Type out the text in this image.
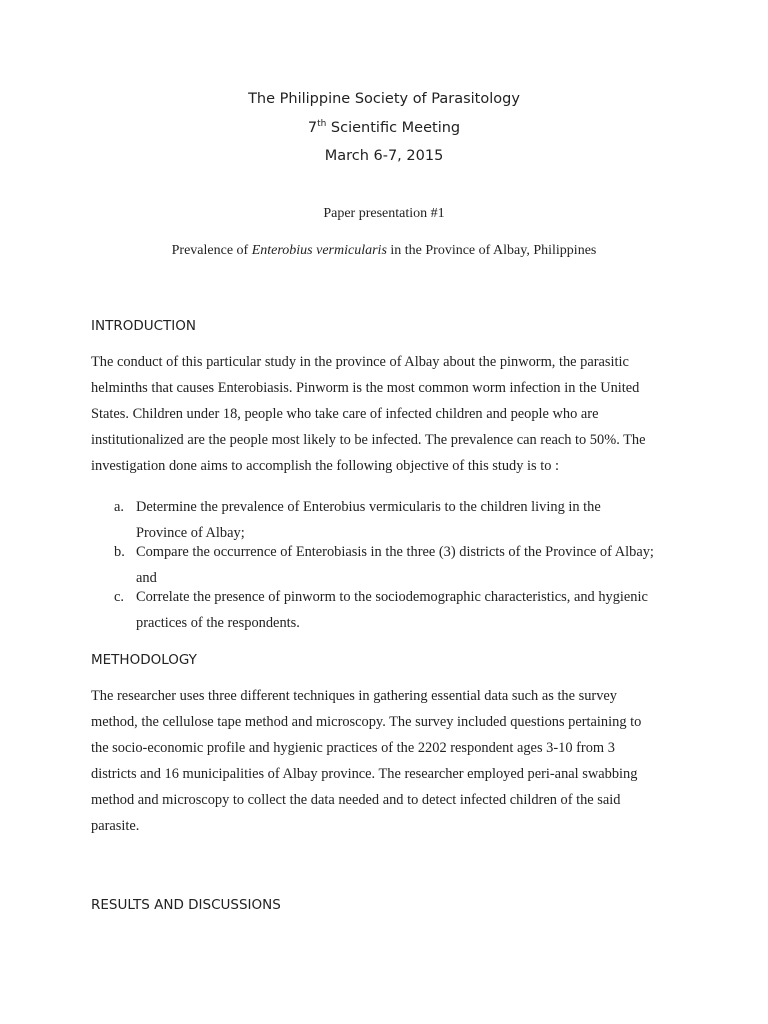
The Philippine Society of Parasitology
7th Scientific Meeting
March 6-7, 2015
Paper presentation #1
Prevalence of Enterobius vermicularis in the Province of Albay, Philippines
INTRODUCTION
The conduct of this particular study in the province of Albay about the pinworm, the parasitic
helminths that causes Enterobiasis. Pinworm is the most common worm infection in the United
States. Children under 18, people who take care of infected children and people who are
institutionalized are the people most likely to be infected. The prevalence can reach to 50%. The
investigation done aims to accomplish the following objective of this study is to :
a. Determine the prevalence of Enterobius vermicularis to the children living in the
Province of Albay;
b. Compare the occurrence of Enterobiasis in the three (3) districts of the Province of Albay;
and
c. Correlate the presence of pinworm to the sociodemographic characteristics, and hygienic
practices of the respondents.
METHODOLOGY
The researcher uses three different techniques in gathering essential data such as the survey
method, the cellulose tape method and microscopy. The survey included questions pertaining to
the socio-economic profile and hygienic practices of the 2202 respondent ages 3-10 from 3
districts and 16 municipalities of Albay province. The researcher employed peri-anal swabbing
method and microscopy to collect the data needed and to detect infected children of the said
parasite.
RESULTS AND DISCUSSIONS
